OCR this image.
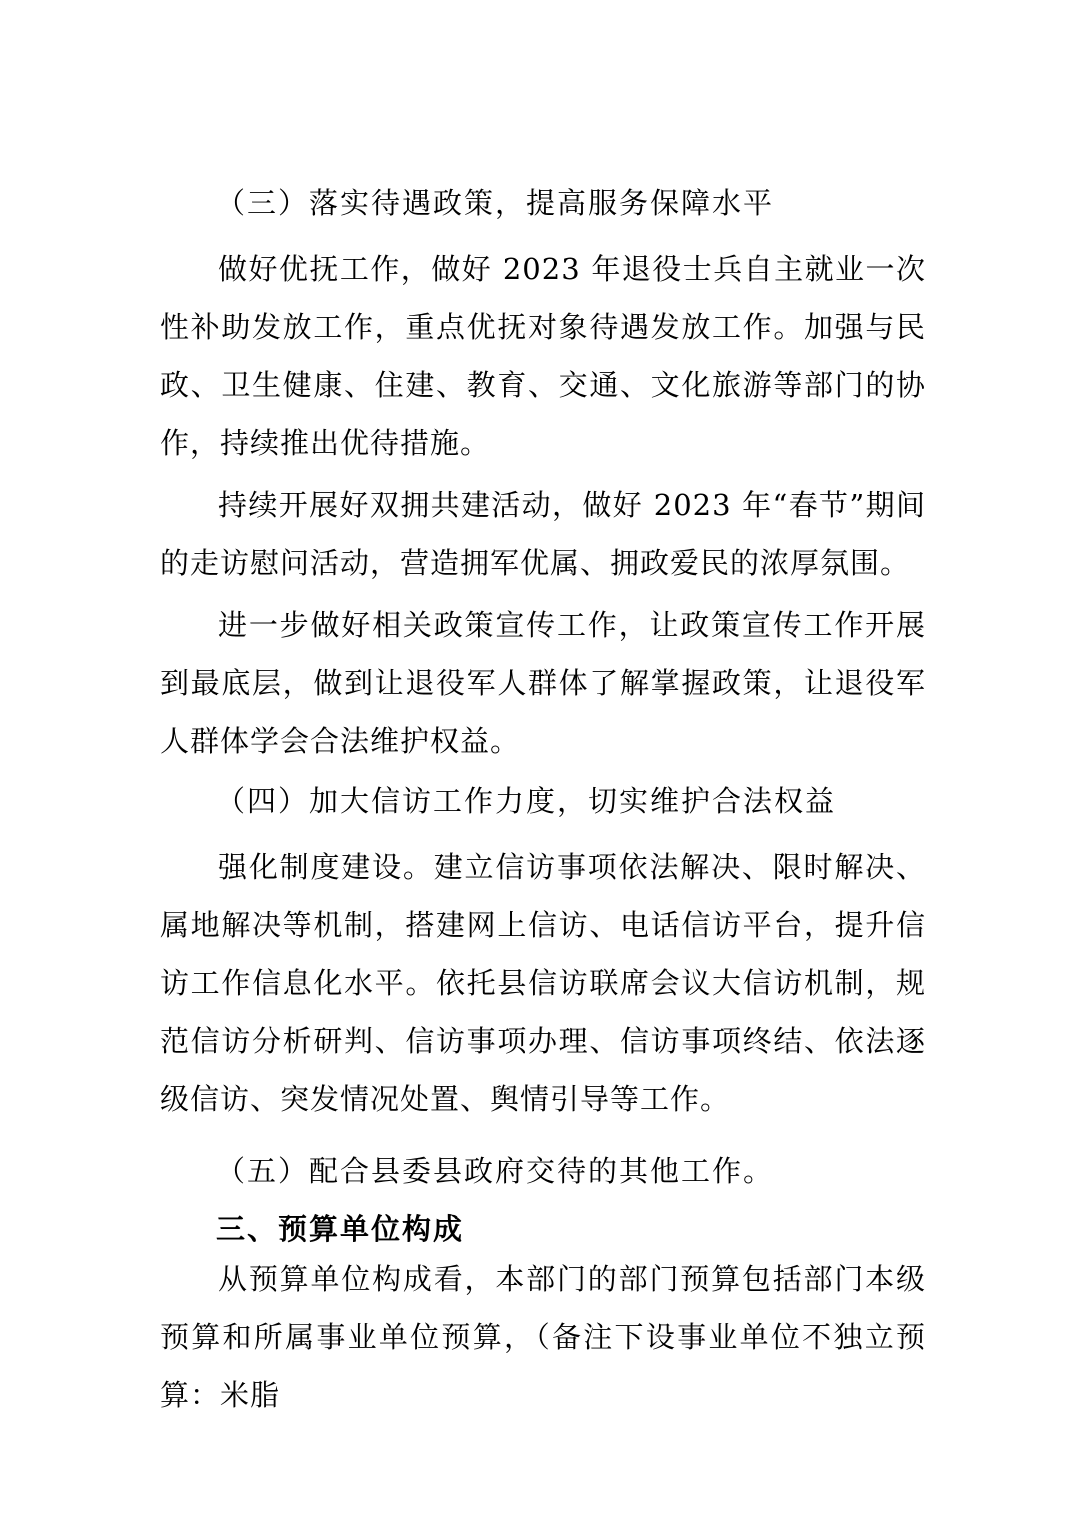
（三）落实待遇政策，提高服务保障水平

做好优抚工作，做好 2023 年退役士兵自主就业一次性补助发放工作，重点优抚对象待遇发放工作。加强与民政、卫生健康、住建、教育、交通、文化旅游等部门的协作，持续推出优待措施。

持续开展好双拥共建活动，做好 2023 年“春节”期间的走访慰问活动，营造拥军优属、拥政爱民的浓厚氛围。

进一步做好相关政策宣传工作，让政策宣传工作开展到最底层，做到让退役军人群体了解掌握政策，让退役军人群体学会合法维护权益。

（四）加大信访工作力度，切实维护合法权益

强化制度建设。建立信访事项依法解决、限时解决、属地解决等机制，搭建网上信访、电话信访平台，提升信访工作信息化水平。依托县信访联席会议大信访机制，规范信访分析研判、信访事项办理、信访事项终结、依法逐级信访、突发情况处置、舆情引导等工作。

（五）配合县委县政府交待的其他工作。

三、预算单位构成

从预算单位构成看，本部门的部门预算包括部门本级预算和所属事业单位预算，（备注下设事业单位不独立预算：米脂
